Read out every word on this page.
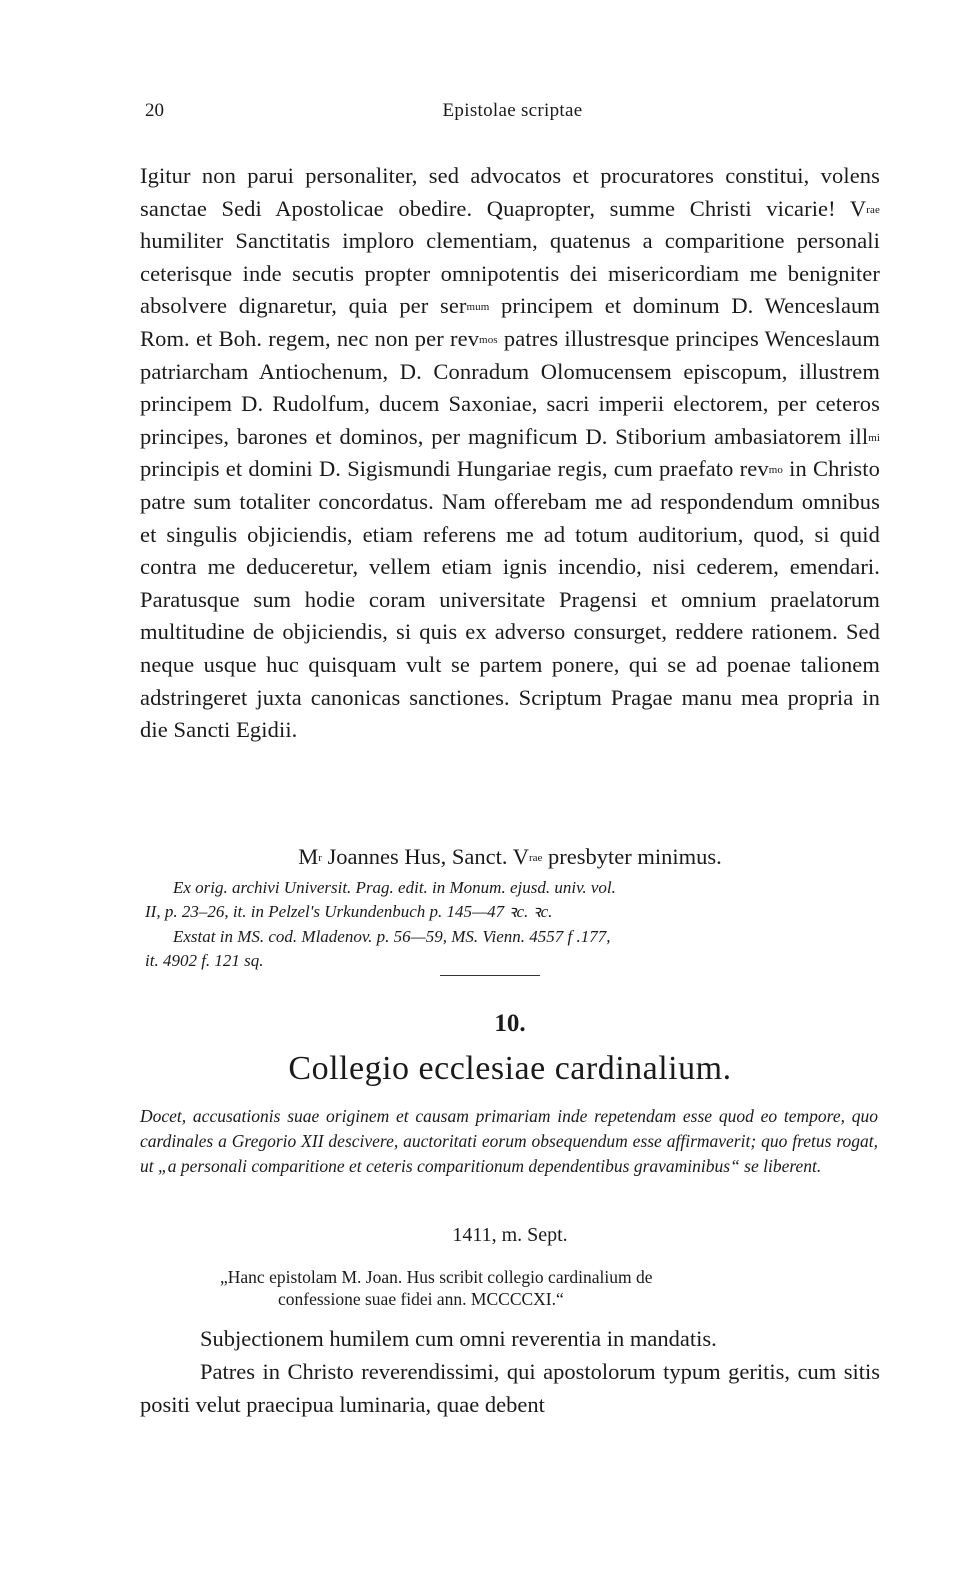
20	Epistolae scriptae

Igitur non parui personaliter, sed advocatos et procuratores constitui, volens sanctae Sedi Apostolicae obedire. Quapropter, summe Christi vicarie! $V^{rae}$ humiliter Sanctitatis imploro clementiam, quatenus a comparitione personali ceterisque inde secutis propter omnipotentis dei misericordiam me benigniter absolvere dignaretur, quia per ser$^{mum}$ principem et dominum D. Wenceslaum Rom. et Boh. regem, nec non per rev$^{mos}$ patres illustresque principes Wenceslaum patriarcham Antiochenum, D. Conradum Olomucensem episcopum, illustrem principem D. Rudolfum, ducem Saxoniae, sacri imperii electorem, per ceteros principes, barones et dominos, per magnificum D. Stiborium ambasiatorem ill$^{mi}$ principis et domini D. Sigismundi Hungariae regis, cum praefato rev$^{mo}$ in Christo patre sum totaliter concordatus. Nam offerebam me ad respondendum omnibus et singulis objiciendis, etiam referens me ad totum auditorium, quod, si quid contra me deduceretur, vellem etiam ignis incendio, nisi cederem, emendari. Paratusque sum hodie coram universitate Pragensi et omnium praelatorum multitudine de objiciendis, si quis ex adverso consurget, reddere rationem. Sed neque usque huc quisquam vult se partem ponere, qui se ad poenae talionem adstringeret juxta canonicas sanctiones. Scriptum Pragae manu mea propria in die Sancti Egidii.

$M^r$ Joannes Hus, Sanct. $V^{rae}$ presbyter minimus.
Ex orig. archivi Universit. Prag. edit. in Monum. ejusd. univ. vol.
II, p. 23–26, it. in Pelzel's Urkundenbuch p. 145—47 ꝛc. ꝛc.
Exstat in MS. cod. Mladenov. p. 56—59, MS. Vienn. 4557 f .177,
it. 4902 f. 121 sq.
10.
Collegio ecclesiae cardinalium.
Docet, accusationis suae originem et causam primariam inde repetendam esse quod eo tempore, quo cardinales a Gregorio XII descivere, auctoritati eorum obsequendum esse affirmaverit; quo fretus rogat, ut „a personali comparitione et ceteris comparitionum dependentibus gravaminibus“ se liberent.
1411, m. Sept.
„Hanc epistolam M. Joan. Hus scribit collegio cardinalium de
confessione suae fidei ann. MCCCCXI.“

Subjectionem humilem cum omni reverentia in mandatis.

Patres in Christo reverendissimi, qui apostolorum typum geritis, cum sitis positi velut praecipua luminaria, quae debent
